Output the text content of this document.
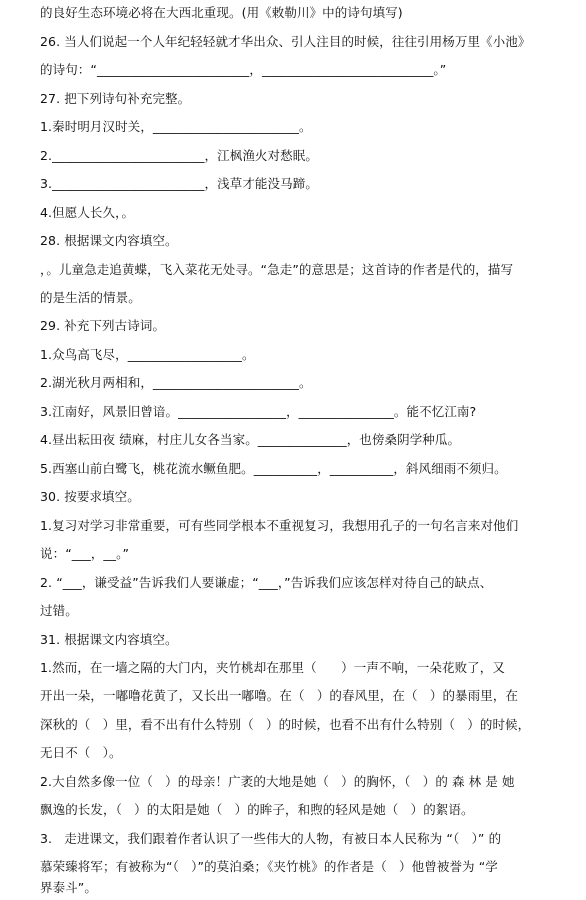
的良好生态环境必将在大西北重现。(用《敕勒川》中的诗句填写)
26. 当人们说起一个人年纪轻轻就才华出众、引人注目的时候，往往引用杨万里《小池》
的诗句：“________________________，___________________________。”
27. 把下列诗句补充完整。
1.秦时明月汉时关，_______________________。
2.________________________，江枫渔火对愁眠。
3.________________________，浅草才能没马蹄。
4.但愿人长久，。
28. 根据课文内容填空。
，。儿童急走追黄蝶，飞入菜花无处寻。“急走”的意思是；这首诗的作者是代的，描写
的是生活的情景。
29. 补充下列古诗词。
1.众鸟高飞尽，__________________。
2.湖光秋月两相和，_______________________。
3.江南好，风景旧曾谙。_________________，_______________。能不忆江南?
4.昼出耘田夜 绩麻，村庄儿女各当家。______________，也傍桑阴学种瓜。
5.西塞山前白鹭飞，桃花流水鳜鱼肥。__________，__________，斜风细雨不须归。
30. 按要求填空。
1.复习对学习非常重要，可有些同学根本不重视复习，我想用孔子的一句名言来对他们
说：“___，__。”
2. “___，谦受益”告诉我们人要谦虚；“___，”告诉我们应该怎样对待自己的缺点、
过错。
31. 根据课文内容填空。
1.然而，在一墙之隔的大门内，夹竹桃却在那里（      ）一声不响，一朵花败了，又
开出一朵，一嘟噜花黄了，又长出一嘟噜。在（   ）的春风里，在（   ）的暴雨里，在
深秋的（   ）里，看不出有什么特别（   ）的时候，也看不出有什么特别（   ）的时候，
无日不（   ）。
2.大自然多像一位（   ）的母亲！广袤的大地是她（   ）的胸怀，（   ）的 森 林 是 她
飘逸的长发，（   ）的太阳是她（   ）的眸子，和煦的轻风是她（   ）的絮语。
3.   走进课文，我们跟着作者认识了一些伟大的人物，有被日本人民称为 “（   ）” 的
慕荣臻将军；有被称为“（   ）”的莫泊桑；《夹竹桃》的作者是（   ）他曾被誉为 “学
界泰斗”。
